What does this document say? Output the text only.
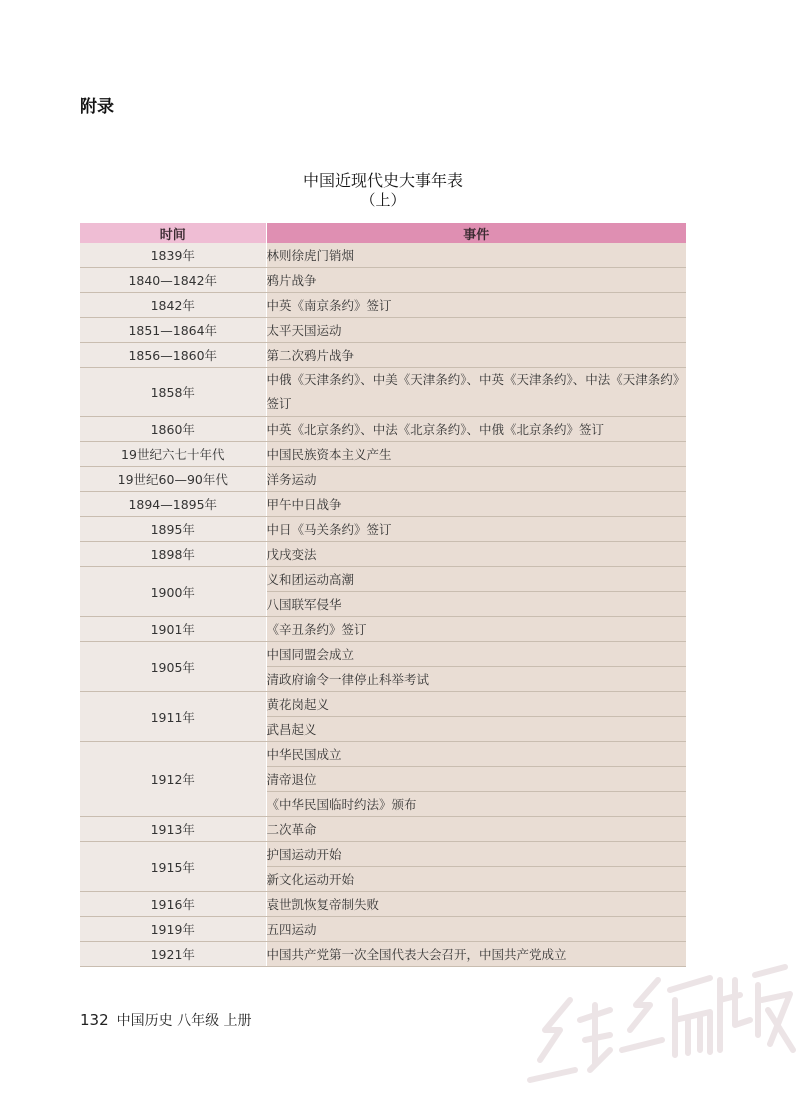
附录
中国近现代史大事年表
（上）
时间	事件
1839年	林则徐虎门销烟
1840—1842年	鸦片战争
1842年	中英《南京条约》签订
1851—1864年	太平天国运动
1856—1860年	第二次鸦片战争
1858年	中俄《天津条约》、中美《天津条约》、中英《天津条约》、中法《天津条约》签订
1860年	中英《北京条约》、中法《北京条约》、中俄《北京条约》签订
19世纪六七十年代	中国民族资本主义产生
19世纪60—90年代	洋务运动
1894—1895年	甲午中日战争
1895年	中日《马关条约》签订
1898年	戊戌变法
1900年	义和团运动高潮
	八国联军侵华
1901年	《辛丑条约》签订
1905年	中国同盟会成立
	清政府谕令一律停止科举考试
1911年	黄花岗起义
	武昌起义
1912年	中华民国成立
	清帝退位
	《中华民国临时约法》颁布
1913年	二次革命
1915年	护国运动开始
	新文化运动开始
1916年	袁世凯恢复帝制失败
1919年	五四运动
1921年	中国共产党第一次全国代表大会召开，中国共产党成立
132 中国历史 八年级 上册
